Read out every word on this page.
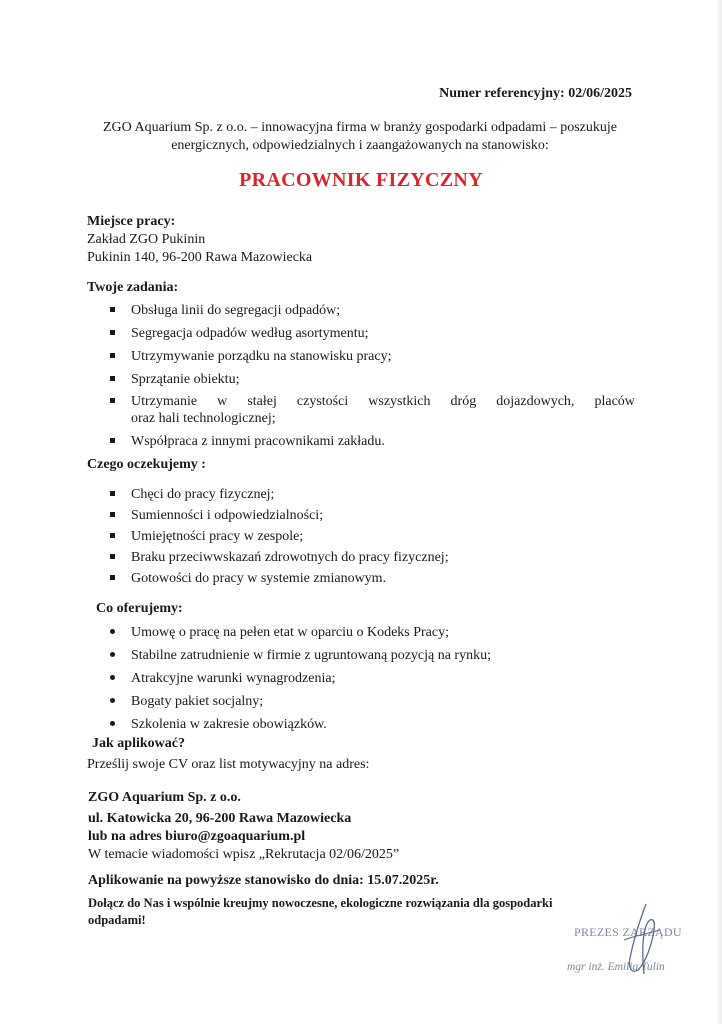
Numer referencyjny: 02/06/2025
ZGO Aquarium Sp. z o.o. – innowacyjna firma w branży gospodarki odpadami – poszukuje
energicznych, odpowiedzialnych i zaangażowanych na stanowisko:
PRACOWNIK FIZYCZNY
Miejsce pracy:
Zakład ZGO Pukinin
Pukinin 140, 96-200 Rawa Mazowiecka
Twoje zadania:
Obsługa linii do segregacji odpadów;
Segregacja odpadów według asortymentu;
Utrzymywanie porządku na stanowisku pracy;
Sprzątanie obiektu;
Utrzymanie w stałej czystości wszystkich dróg dojazdowych, placów
oraz hali technologicznej;
Współpraca z innymi pracownikami zakładu.
Czego oczekujemy :
Chęci do pracy fizycznej;
Sumienności i odpowiedzialności;
Umiejętności pracy w zespole;
Braku przeciwwskazań zdrowotnych do pracy fizycznej;
Gotowości do pracy w systemie zmianowym.
Co oferujemy:
Umowę o pracę na pełen etat w oparciu o Kodeks Pracy;
Stabilne zatrudnienie w firmie z ugruntowaną pozycją na rynku;
Atrakcyjne warunki wynagrodzenia;
Bogaty pakiet socjalny;
Szkolenia w zakresie obowiązków.
Jak aplikować?
Prześlij swoje CV oraz list motywacyjny na adres:
ZGO Aquarium Sp. z o.o.
ul. Katowicka 20, 96-200 Rawa Mazowiecka
lub na adres biuro@zgoaquarium.pl
W temacie wiadomości wpisz „Rekrutacja 02/06/2025”
Aplikowanie na powyższe stanowisko do dnia: 15.07.2025r.
Dołącz do Nas i wspólnie kreujmy nowoczesne, ekologiczne rozwiązania dla gospodarki
odpadami!
PREZES ZARZĄDU
mgr inż. Emilia Tulin
